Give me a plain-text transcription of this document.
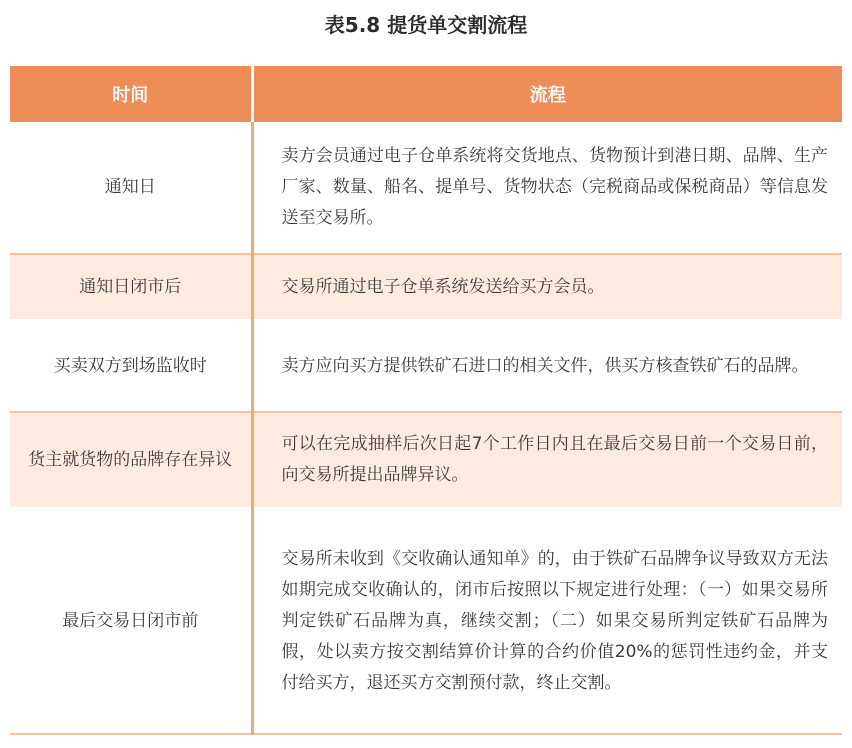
表5.8 提货单交割流程
时间	流程
通知日	卖方会员通过电子仓单系统将交货地点、货物预计到港日期、品牌、生产厂家、数量、船名、提单号、货物状态（完税商品或保税商品）等信息发送至交易所。
通知日闭市后	交易所通过电子仓单系统发送给买方会员。
买卖双方到场监收时	卖方应向买方提供铁矿石进口的相关文件，供买方核查铁矿石的品牌。
货主就货物的品牌存在异议	可以在完成抽样后次日起7个工作日内且在最后交易日前一个交易日前，向交易所提出品牌异议。
最后交易日闭市前	交易所未收到《交收确认通知单》的，由于铁矿石品牌争议导致双方无法如期完成交收确认的，闭市后按照以下规定进行处理：（一）如果交易所判定铁矿石品牌为真，继续交割；（二）如果交易所判定铁矿石品牌为假，处以卖方按交割结算价计算的合约价值20%的惩罚性违约金，并支付给买方，退还买方交割预付款，终止交割。
